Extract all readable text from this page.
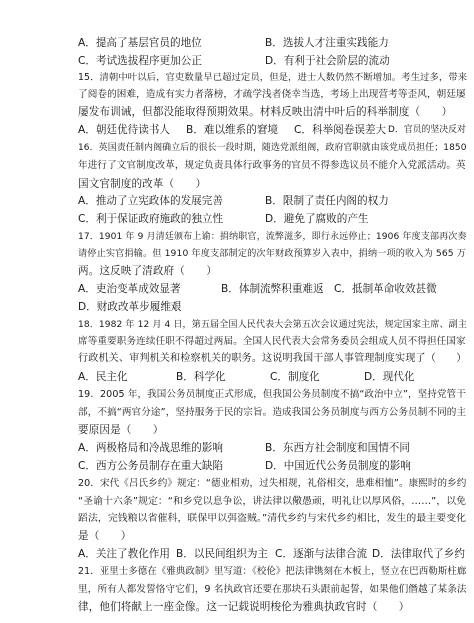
A．提高了基层官员的地位	B．选拔人才注重实践能力
C．考试选拔程序更加公正	D．有利于社会阶层的流动
15．清朝中叶以后，官吏数量早已超过定员，但是，进士人数仍然不断增加。考生过多，带来
了阅卷的困难，造成有实力者落榜，才疏学浅者侥幸当选，考场上出现营考等歪风，朝廷屡
屡发布训诫，但都没能取得预期效果。材料反映出清中叶后的科举制度（　　）
A．朝廷优待读书人 B．难以维系的窘境 C．科举阅卷误差大 D．官员的坚决反对
16．英国责任制内阁确立后的很长一段时期，随选党派组阁，政府官职就由该党成员担任；1850
年进行了文官制度改革，规定负责具体行政事务的官员不得参选议员不能介入党派活动。英
国文官制度的改革（　　）
A．推动了立宪政体的发展完善	B．限制了责任内阁的权力
C．利于保证政府施政的独立性	D．避免了腐败的产生
17．1901 年 9 月清廷颁布上谕：捐纳职官，流弊滋多，即行永远停止；1906 年度支部再次奏
请停止实官捐输。但 1910 年度支部制定的次年财政预算岁入表中，捐纳一项的收入为 565 万
两。这反映了清政府（　　）
A．吏治变革成效显著	B．体制流弊积重难返 C．抵制革命收效甚微
D．财政改革步履维艰
18．1982 年 12 月 4 日，第五届全国人民代表大会第五次会议通过宪法，规定国家主席、副主
席等重要职务连续任职不得超过两届。全国人民代表大会常务委员会组成人员不得担任国家
行政机关、审判机关和检察机关的职务。这说明我国干部人事管理制度实现了（　　）
A．民主化	B．科学化	C．制度化	D．现代化
19．2005 年，我国公务员制度正式形成，但我国公务员制度不搞“政治中立”，坚持党管干
部，不搞“两官分途”，坚持服务于民的宗旨。造成我国公务员制度与西方公务员制不同的主
要原因是（　　）
A．两极格局和冷战思维的影响	B．东西方社会制度和国情不同
C．西方公务员制存在重大缺陷	D．中国近代公务员制度的影响
20．宋代《吕氏乡约》规定：“德业相劝，过失相规，礼俗相交，患难相恤”。康熙时的乡约
“圣谕十六条”规定：“和乡党以息争讼，讲法律以儆愚顽，明礼让以厚风俗，……”，以免
蹈法，完钱粮以省催科，联保甲以弭盗贼。”清代乡约与宋代乡约相比，发生的最主要变化
是（　　）
A．关注了教化作用 B．以民间组织为主 C．逐渐与法律合流 D．法律取代了乡约
21．亚里士多德在《雅典政制》里写道：《校伦》把法律镌刻在木板上，竖立在巴西勒斯柱廊
里，所有人都发誓恪守它们，9 名执政官还要在那块石头跟前起誓，如果他们僭越了某条法
律，他们将献上一座金像。这一记载说明梭伦为雅典执政官时（　　）
